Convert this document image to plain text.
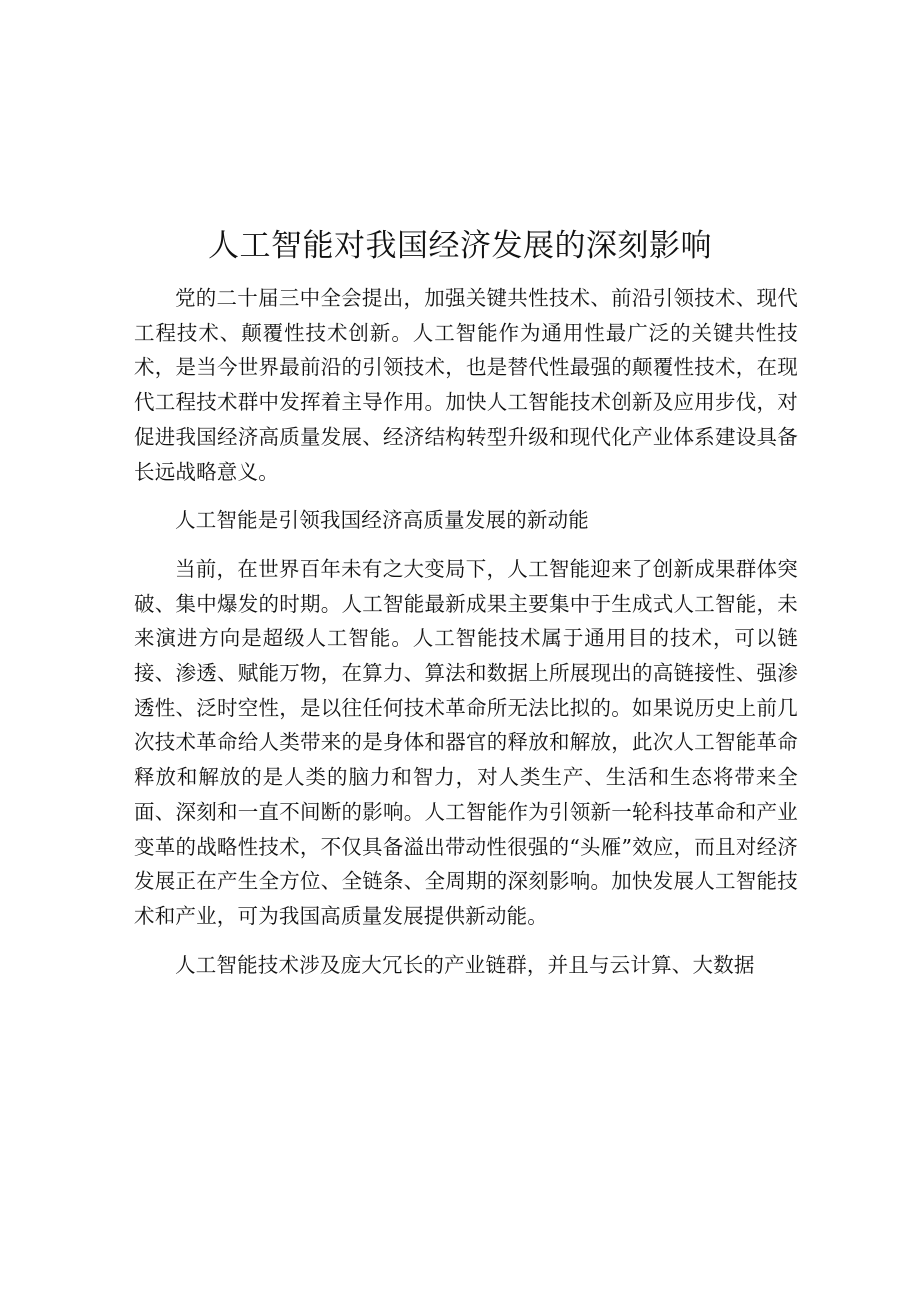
人工智能对我国经济发展的深刻影响

党的二十届三中全会提出，加强关键共性技术、前沿引领技术、现代工程技术、颠覆性技术创新。人工智能作为通用性最广泛的关键共性技术，是当今世界最前沿的引领技术，也是替代性最强的颠覆性技术，在现代工程技术群中发挥着主导作用。加快人工智能技术创新及应用步伐，对促进我国经济高质量发展、经济结构转型升级和现代化产业体系建设具备长远战略意义。

人工智能是引领我国经济高质量发展的新动能

当前，在世界百年未有之大变局下，人工智能迎来了创新成果群体突破、集中爆发的时期。人工智能最新成果主要集中于生成式人工智能，未来演进方向是超级人工智能。人工智能技术属于通用目的技术，可以链接、渗透、赋能万物，在算力、算法和数据上所展现出的高链接性、强渗透性、泛时空性，是以往任何技术革命所无法比拟的。如果说历史上前几次技术革命给人类带来的是身体和器官的释放和解放，此次人工智能革命释放和解放的是人类的脑力和智力，对人类生产、生活和生态将带来全面、深刻和一直不间断的影响。人工智能作为引领新一轮科技革命和产业变革的战略性技术，不仅具备溢出带动性很强的“头雁”效应，而且对经济发展正在产生全方位、全链条、全周期的深刻影响。加快发展人工智能技术和产业，可为我国高质量发展提供新动能。

人工智能技术涉及庞大冗长的产业链群，并且与云计算、大数据
